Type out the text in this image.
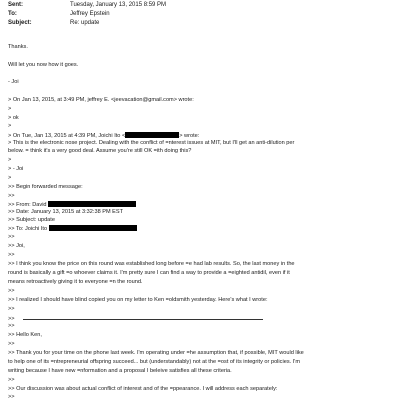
Sent:	Tuesday, January 13, 2015 8:59 PM
To:	Jeffrey Epstein
Subject:	Re: update
Thanks.
Will let you now how it goes.
- Joi
> On Jan 13, 2015, at 3:49 PM, jeffrey E. <jeevacation@gmail.com> wrote:
>
> ok
>
> On Tue, Jan 13, 2015 at 4:39 PM, Joichi Ito <	> wrote:
> This is the electronic nose project. Dealing with the conflict of =nterest issues at MIT, but I'll get an anti-dilution per
below. = think it's a very good deal. Assume you're still OK =ith doing this?
>
> - Joi
>
>> Begin forwarded message:
>>
>> From: David
>> Date: January 13, 2015 at 3:32:38 PM EST
>> Subject: update
>> To: Joichi Ito
>>
>> Joi,
>>
>> I think you know the price on this round was established long before =e had lab results. So, the last money in the
round is basically a gift =o whoever claims it. I'm pretty sure I can find a way to provide a =eighted antidil, even if it
means retroactively giving it to everyone =n the round.
>>
>> I realized I should have blind copied you on my letter to Ken =oldsmith yesterday. Here's what I wrote:
>>
>>
>>
>> Hello Ken,
>>
>> Thank you for your time on the phone last week. I'm operating under =he assumption that, if possible, MIT would like
to help one of its =ntrepreneurial offspring succeed... but (understandably) not at the =ost of its integrity or policies. I'm
writing because I have new =nformation and a proposal I beleive satisfies all these criteria.
>>
>> Our discussion was about actual conflict of interest and of the =ppearance. I will address each separately:
>>
